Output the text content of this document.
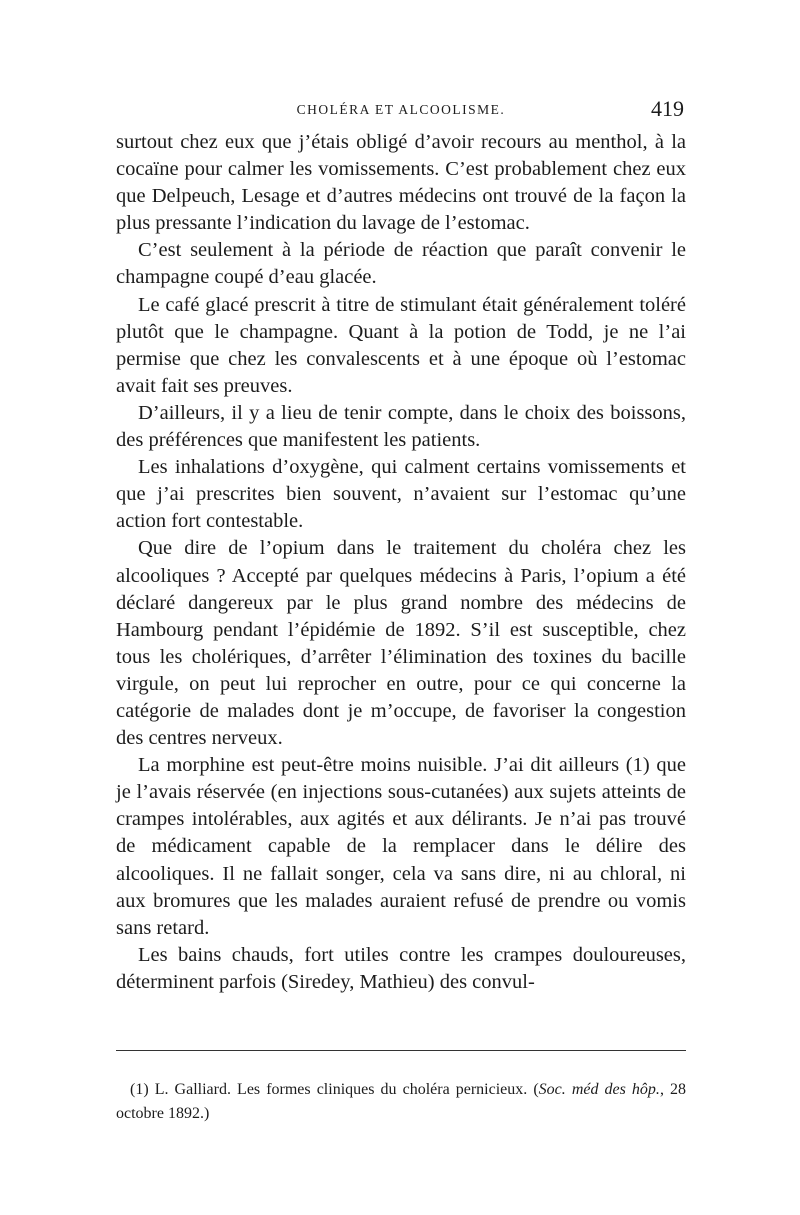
CHOLÉRA ET ALCOOLISME.	419

surtout chez eux que j’étais obligé d’avoir recours au menthol, à la cocaïne pour calmer les vomissements. C’est probablement chez eux que Delpeuch, Lesage et d’autres médecins ont trouvé de la façon la plus pressante l’indication du lavage de l’estomac.

C’est seulement à la période de réaction que paraît convenir le champagne coupé d’eau glacée.

Le café glacé prescrit à titre de stimulant était généralement toléré plutôt que le champagne. Quant à la potion de Todd, je ne l’ai permise que chez les convalescents et à une époque où l’estomac avait fait ses preuves.

D’ailleurs, il y a lieu de tenir compte, dans le choix des boissons, des préférences que manifestent les patients.

Les inhalations d’oxygène, qui calment certains vomissements et que j’ai prescrites bien souvent, n’avaient sur l’estomac qu’une action fort contestable.

Que dire de l’opium dans le traitement du choléra chez les alcooliques ? Accepté par quelques médecins à Paris, l’opium a été déclaré dangereux par le plus grand nombre des médecins de Hambourg pendant l’épidémie de 1892. S’il est susceptible, chez tous les cholériques, d’arrêter l’élimination des toxines du bacille virgule, on peut lui reprocher en outre, pour ce qui concerne la catégorie de malades dont je m’occupe, de favoriser la congestion des centres nerveux.

La morphine est peut-être moins nuisible. J’ai dit ailleurs (1) que je l’avais réservée (en injections sous-cutanées) aux sujets atteints de crampes intolérables, aux agités et aux délirants. Je n’ai pas trouvé de médicament capable de la remplacer dans le délire des alcooliques. Il ne fallait songer, cela va sans dire, ni au chloral, ni aux bromures que les malades auraient refusé de prendre ou vomis sans retard.

Les bains chauds, fort utiles contre les crampes douloureuses, déterminent parfois (Siredey, Mathieu) des convul-

(1) L. Galliard. Les formes cliniques du choléra pernicieux. (Soc. méd des hôp., 28 octobre 1892.)
